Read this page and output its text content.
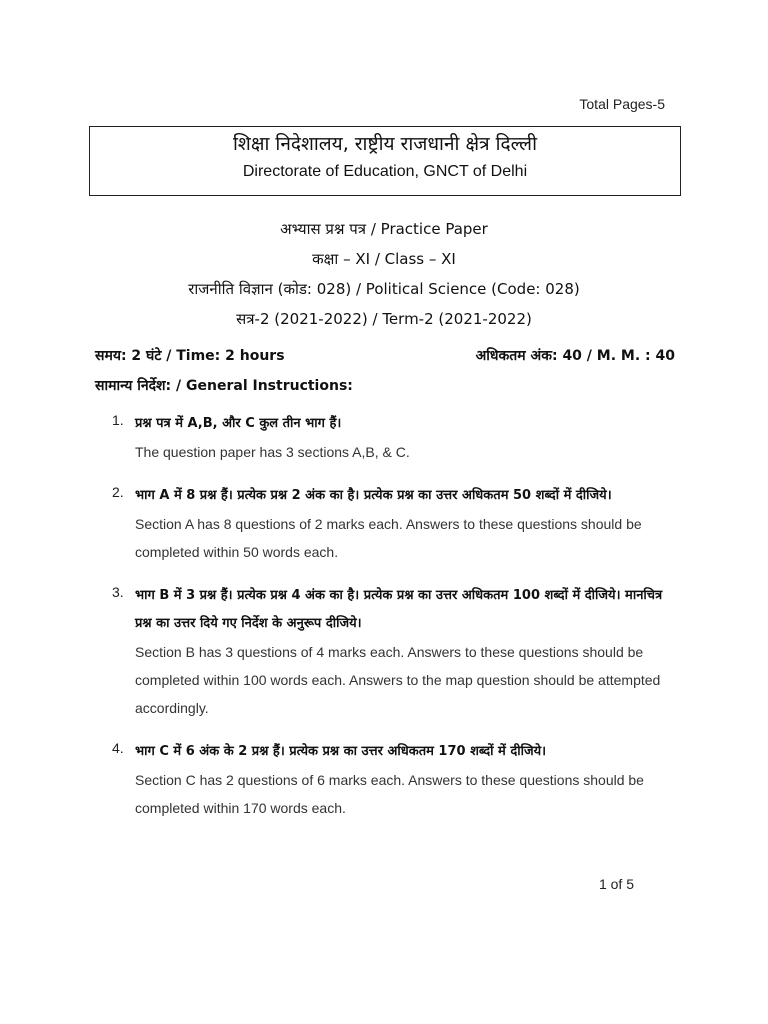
Total Pages-5
शिक्षा निदेशालय, राष्ट्रीय राजधानी क्षेत्र दिल्ली
Directorate of Education, GNCT of Delhi
अभ्यास प्रश्न पत्र / Practice Paper
कक्षा – XI / Class – XI
राजनीति विज्ञान (कोड: 028) / Political Science (Code: 028)
सत्र-2 (2021-2022) / Term-2 (2021-2022)
समय: 2 घंटे / Time: 2 hours	अधिकतम अंक: 40 / M. M. : 40
सामान्य निर्देश: / General Instructions:
1. प्रश्न पत्र में A,B, और C कुल तीन भाग हैं।
The question paper has 3 sections A,B, & C.
2. भाग A में 8 प्रश्न हैं। प्रत्येक प्रश्न 2 अंक का है। प्रत्येक प्रश्न का उत्तर अधिकतम 50 शब्दों में दीजिये।
Section A has 8 questions of 2 marks each. Answers to these questions should be completed within 50 words each.
3. भाग B में 3 प्रश्न हैं। प्रत्येक प्रश्न 4 अंक का है। प्रत्येक प्रश्न का उत्तर अधिकतम 100 शब्दों में दीजिये। मानचित्र प्रश्न का उत्तर दिये गए निर्देश के अनुरूप दीजिये।
Section B has 3 questions of 4 marks each. Answers to these questions should be completed within 100 words each. Answers to the map question should be attempted accordingly.
4. भाग C में 6 अंक के 2 प्रश्न हैं। प्रत्येक प्रश्न का उत्तर अधिकतम 170 शब्दों में दीजिये।
Section C has 2 questions of 6 marks each. Answers to these questions should be completed within 170 words each.
1 of 5
